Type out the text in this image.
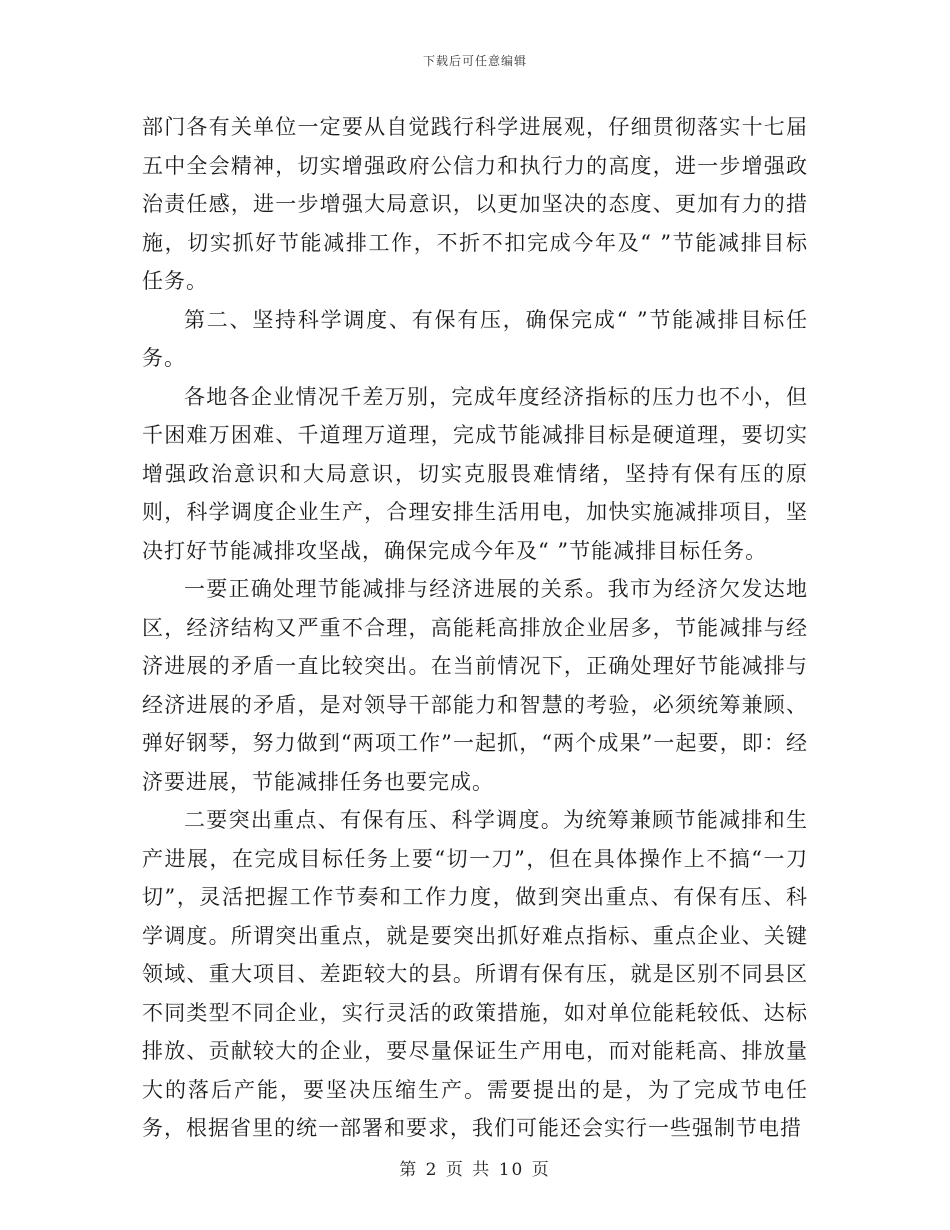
下载后可任意编辑

部门各有关单位一定要从自觉践行科学进展观，仔细贯彻落实十七届五中全会精神，切实增强政府公信力和执行力的高度，进一步增强政治责任感，进一步增强大局意识，以更加坚决的态度、更加有力的措施，切实抓好节能减排工作，不折不扣完成今年及“ ”节能减排目标任务。

第二、坚持科学调度、有保有压，确保完成“ ”节能减排目标任务。

各地各企业情况千差万别，完成年度经济指标的压力也不小，但千困难万困难、千道理万道理，完成节能减排目标是硬道理，要切实增强政治意识和大局意识，切实克服畏难情绪，坚持有保有压的原则，科学调度企业生产，合理安排生活用电，加快实施减排项目，坚决打好节能减排攻坚战，确保完成今年及“ ”节能减排目标任务。

一要正确处理节能减排与经济进展的关系。我市为经济欠发达地区，经济结构又严重不合理，高能耗高排放企业居多，节能减排与经济进展的矛盾一直比较突出。在当前情况下，正确处理好节能减排与经济进展的矛盾，是对领导干部能力和智慧的考验，必须统筹兼顾、弹好钢琴，努力做到“两项工作”一起抓，“两个成果”一起要，即：经济要进展，节能减排任务也要完成。

二要突出重点、有保有压、科学调度。为统筹兼顾节能减排和生产进展，在完成目标任务上要“切一刀”，但在具体操作上不搞“一刀切”，灵活把握工作节奏和工作力度，做到突出重点、有保有压、科学调度。所谓突出重点，就是要突出抓好难点指标、重点企业、关键领域、重大项目、差距较大的县。所谓有保有压，就是区别不同县区不同类型不同企业，实行灵活的政策措施，如对单位能耗较低、达标排放、贡献较大的企业，要尽量保证生产用电，而对能耗高、排放量大的落后产能，要坚决压缩生产。需要提出的是，为了完成节电任务，根据省里的统一部署和要求，我们可能还会实行一些强制节电措

第 2 页 共 10 页
